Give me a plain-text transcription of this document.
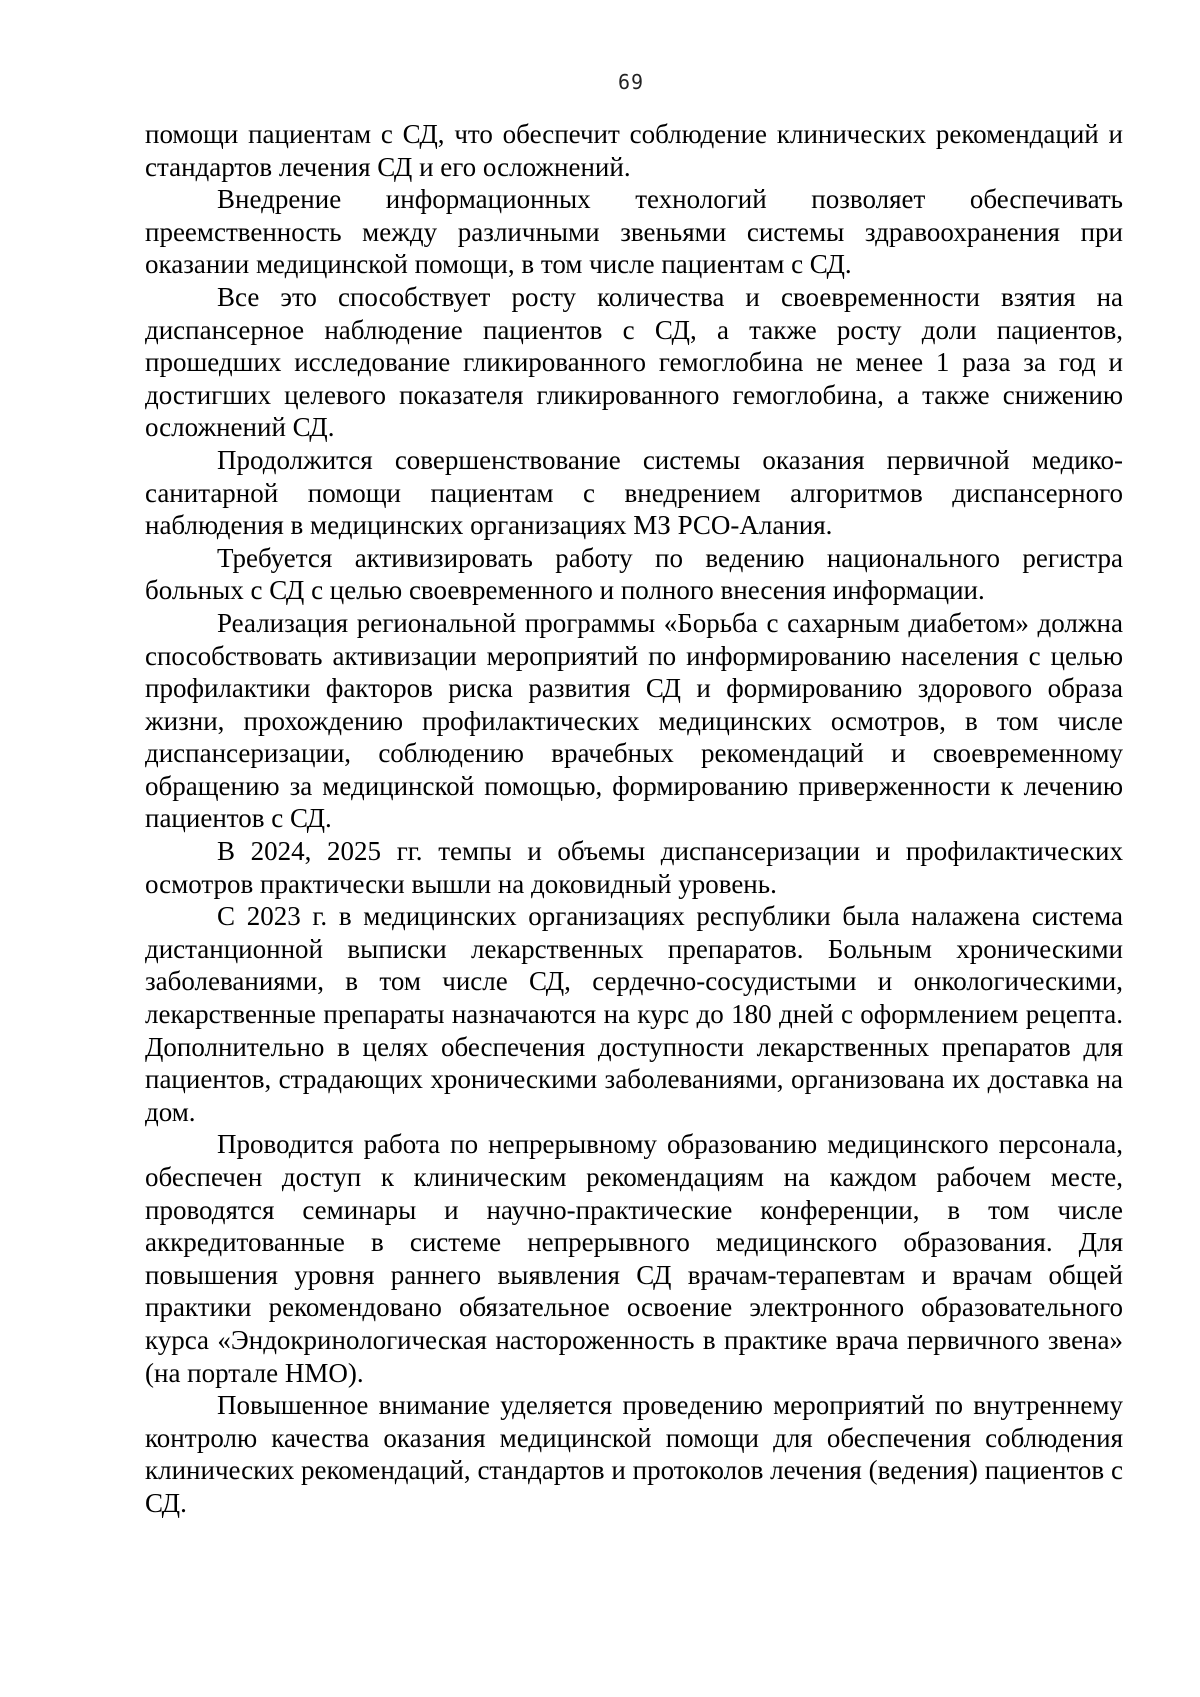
69

помощи пациентам с СД, что обеспечит соблюдение клинических рекомендаций и стандартов лечения СД и его осложнений.

Внедрение информационных технологий позволяет обеспечивать преемственность между различными звеньями системы здравоохранения при оказании медицинской помощи, в том числе пациентам с СД.

Все это способствует росту количества и своевременности взятия на диспансерное наблюдение пациентов с СД, а также росту доли пациентов, прошедших исследование гликированного гемоглобина не менее 1 раза за год и достигших целевого показателя гликированного гемоглобина, а также снижению осложнений СД.

Продолжится совершенствование системы оказания первичной медико-санитарной помощи пациентам с внедрением алгоритмов диспансерного наблюдения в медицинских организациях МЗ РСО-Алания.

Требуется активизировать работу по ведению национального регистра больных с СД с целью своевременного и полного внесения информации.

Реализация региональной программы «Борьба с сахарным диабетом» должна способствовать активизации мероприятий по информированию населения с целью профилактики факторов риска развития СД и формированию здорового образа жизни, прохождению профилактических медицинских осмотров, в том числе диспансеризации, соблюдению врачебных рекомендаций и своевременному обращению за медицинской помощью, формированию приверженности к лечению пациентов с СД.

В 2024, 2025 гг. темпы и объемы диспансеризации и профилактических осмотров практически вышли на доковидный уровень.

С 2023 г. в медицинских организациях республики была налажена система дистанционной выписки лекарственных препаратов. Больным хроническими заболеваниями, в том числе СД, сердечно-сосудистыми и онкологическими, лекарственные препараты назначаются на курс до 180 дней с оформлением рецепта. Дополнительно в целях обеспечения доступности лекарственных препаратов для пациентов, страдающих хроническими заболеваниями, организована их доставка на дом.

Проводится работа по непрерывному образованию медицинского персонала, обеспечен доступ к клиническим рекомендациям на каждом рабочем месте, проводятся семинары и научно-практические конференции, в том числе аккредитованные в системе непрерывного медицинского образования. Для повышения уровня раннего выявления СД врачам-терапевтам и врачам общей практики рекомендовано обязательное освоение электронного образовательного курса «Эндокринологическая настороженность в практике врача первичного звена» (на портале НМО).

Повышенное внимание уделяется проведению мероприятий по внутреннему контролю качества оказания медицинской помощи для обеспечения соблюдения клинических рекомендаций, стандартов и протоколов лечения (ведения) пациентов с СД.
